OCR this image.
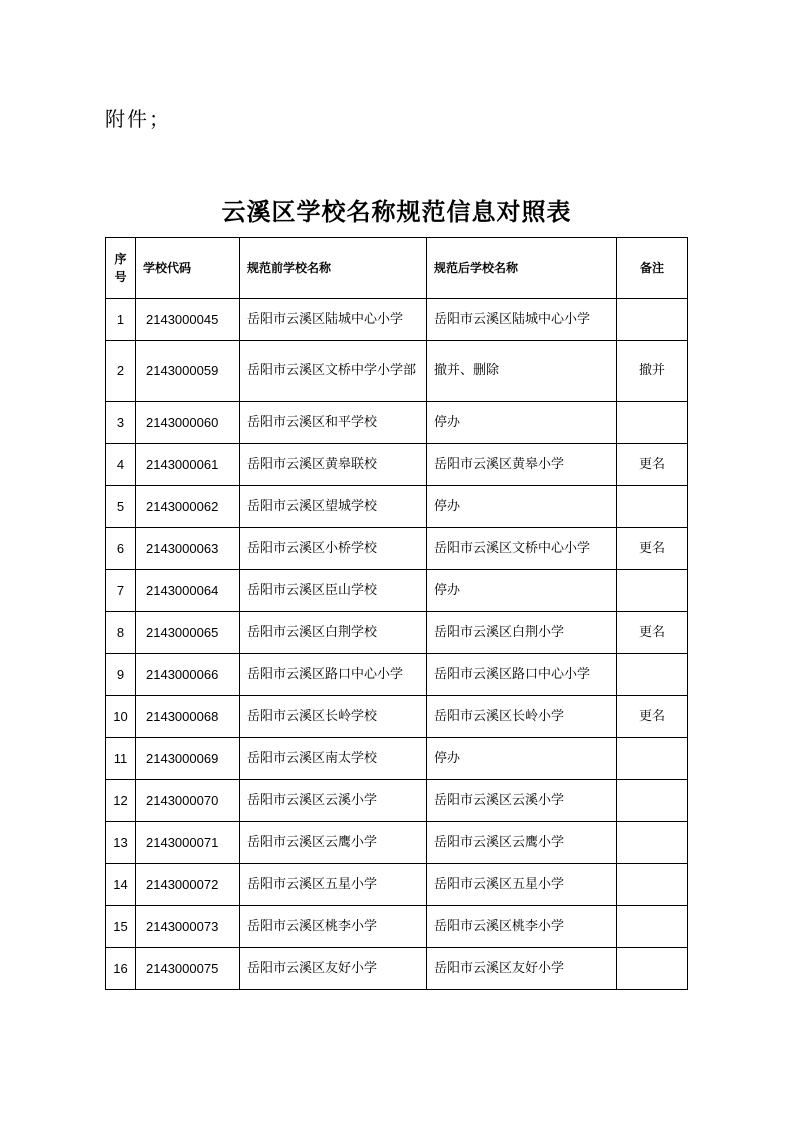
附件；
云溪区学校名称规范信息对照表
序
号	学校代码	规范前学校名称	规范后学校名称	备注
1	2143000045	岳阳市云溪区陆城中心小学	岳阳市云溪区陆城中心小学	
2	2143000059	岳阳市云溪区文桥中学小学部	撤并、删除	撤并
3	2143000060	岳阳市云溪区和平学校	停办	
4	2143000061	岳阳市云溪区黄皋联校	岳阳市云溪区黄皋小学	更名
5	2143000062	岳阳市云溪区望城学校	停办	
6	2143000063	岳阳市云溪区小桥学校	岳阳市云溪区文桥中心小学	更名
7	2143000064	岳阳市云溪区臣山学校	停办	
8	2143000065	岳阳市云溪区白荆学校	岳阳市云溪区白荆小学	更名
9	2143000066	岳阳市云溪区路口中心小学	岳阳市云溪区路口中心小学	
10	2143000068	岳阳市云溪区长岭学校	岳阳市云溪区长岭小学	更名
11	2143000069	岳阳市云溪区南太学校	停办	
12	2143000070	岳阳市云溪区云溪小学	岳阳市云溪区云溪小学	
13	2143000071	岳阳市云溪区云鹰小学	岳阳市云溪区云鹰小学	
14	2143000072	岳阳市云溪区五星小学	岳阳市云溪区五星小学	
15	2143000073	岳阳市云溪区桃李小学	岳阳市云溪区桃李小学	
16	2143000075	岳阳市云溪区友好小学	岳阳市云溪区友好小学	
